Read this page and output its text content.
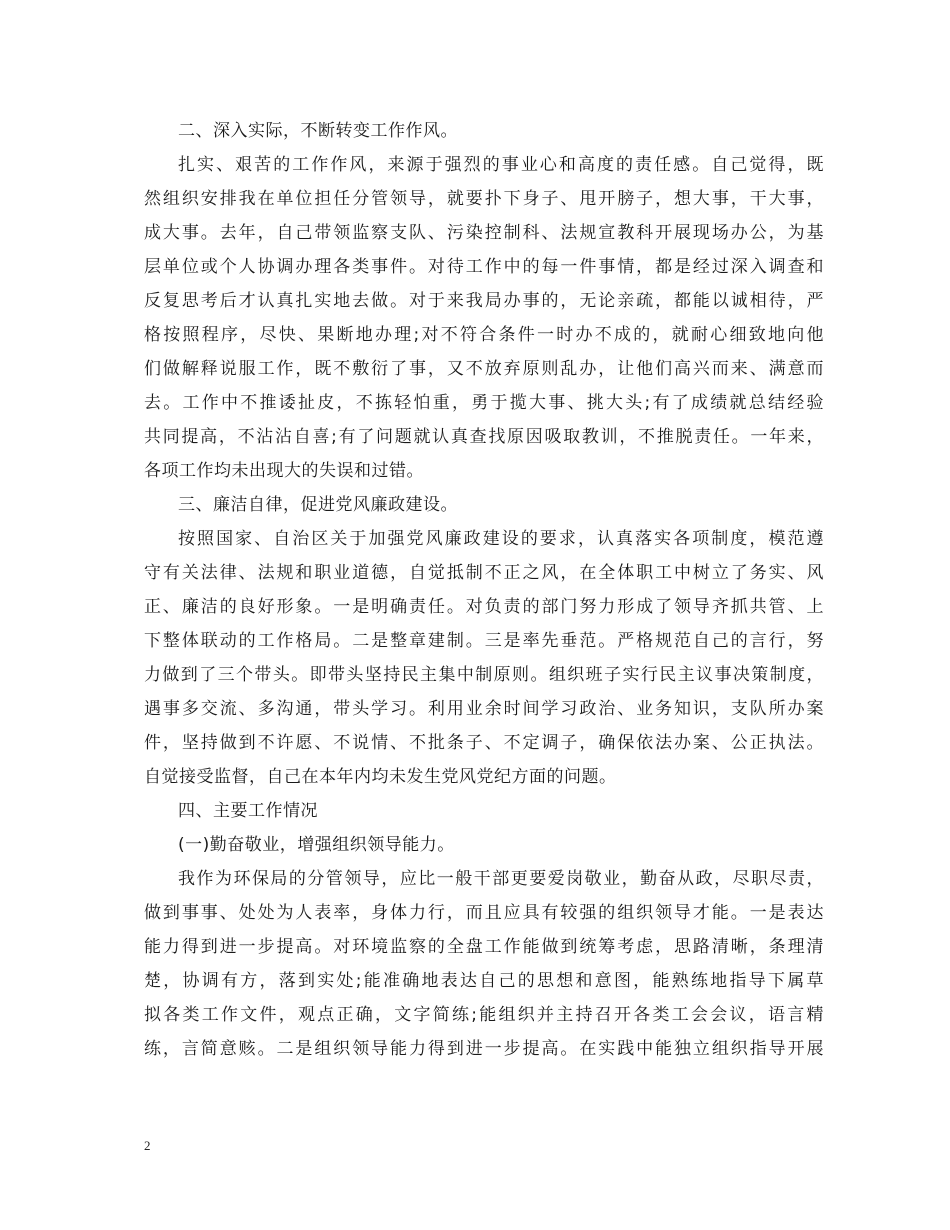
二、深入实际，不断转变工作作风。
扎实、艰苦的工作作风，来源于强烈的事业心和高度的责任感。自己觉得，既
然组织安排我在单位担任分管领导，就要扑下身子、甩开膀子，想大事，干大事，
成大事。去年，自己带领监察支队、污染控制科、法规宣教科开展现场办公，为基
层单位或个人协调办理各类事件。对待工作中的每一件事情，都是经过深入调查和
反复思考后才认真扎实地去做。对于来我局办事的，无论亲疏，都能以诚相待，严
格按照程序，尽快、果断地办理;对不符合条件一时办不成的，就耐心细致地向他
们做解释说服工作，既不敷衍了事，又不放弃原则乱办，让他们高兴而来、满意而
去。工作中不推诿扯皮，不拣轻怕重，勇于揽大事、挑大头;有了成绩就总结经验
共同提高，不沾沾自喜;有了问题就认真查找原因吸取教训，不推脱责任。一年来，
各项工作均未出现大的失误和过错。
三、廉洁自律，促进党风廉政建设。
按照国家、自治区关于加强党风廉政建设的要求，认真落实各项制度，模范遵
守有关法律、法规和职业道德，自觉抵制不正之风，在全体职工中树立了务实、风
正、廉洁的良好形象。一是明确责任。对负责的部门努力形成了领导齐抓共管、上
下整体联动的工作格局。二是整章建制。三是率先垂范。严格规范自己的言行，努
力做到了三个带头。即带头坚持民主集中制原则。组织班子实行民主议事决策制度，
遇事多交流、多沟通，带头学习。利用业余时间学习政治、业务知识，支队所办案
件，坚持做到不许愿、不说情、不批条子、不定调子，确保依法办案、公正执法。
自觉接受监督，自己在本年内均未发生党风党纪方面的问题。
四、主要工作情况
(一)勤奋敬业，增强组织领导能力。
我作为环保局的分管领导，应比一般干部更要爱岗敬业，勤奋从政，尽职尽责，
做到事事、处处为人表率，身体力行，而且应具有较强的组织领导才能。一是表达
能力得到进一步提高。对环境监察的全盘工作能做到统筹考虑，思路清晰，条理清
楚，协调有方，落到实处;能准确地表达自己的思想和意图，能熟练地指导下属草
拟各类工作文件，观点正确，文字简练;能组织并主持召开各类工会会议，语言精
练，言简意赅。二是组织领导能力得到进一步提高。在实践中能独立组织指导开展
2
